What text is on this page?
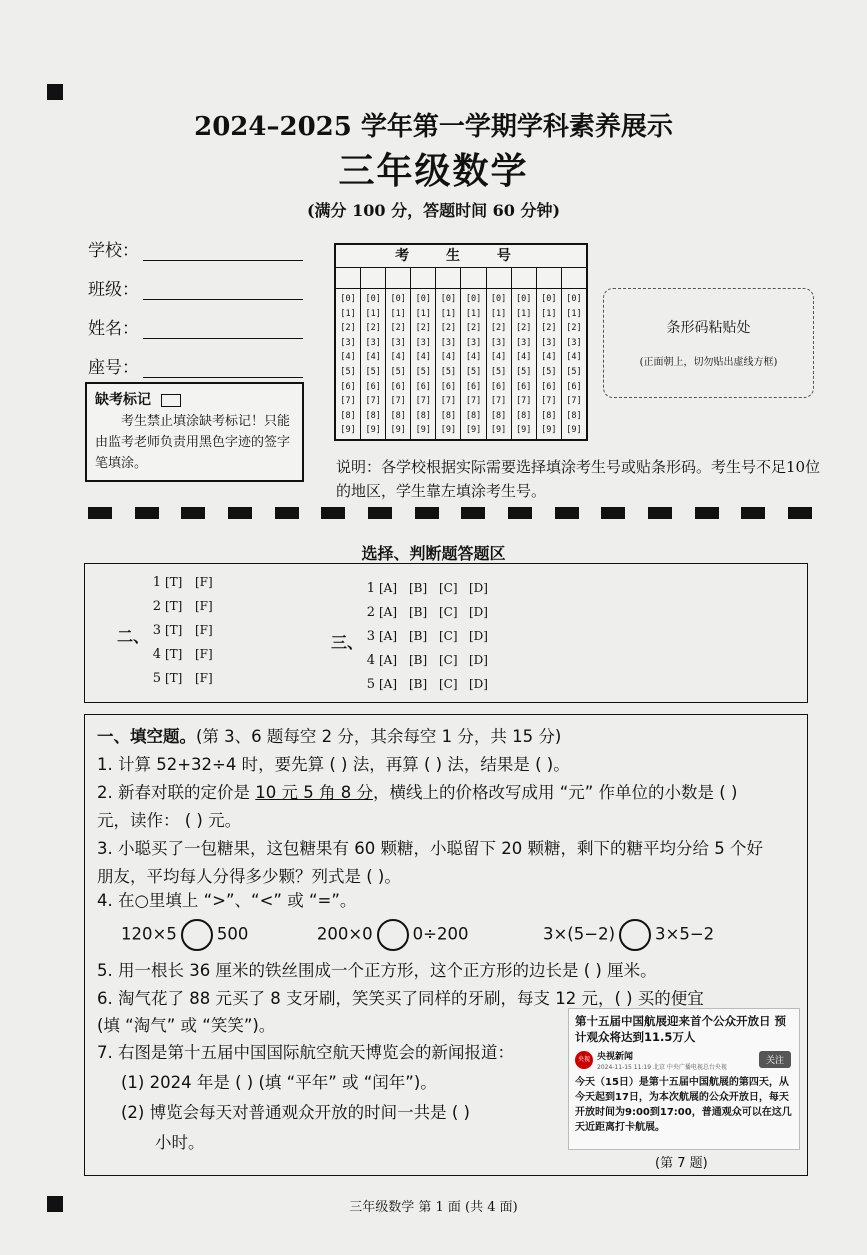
2024–2025 学年第一学期学科素养展示
三年级数学
(满分 100 分，答题时间 60 分钟)
学校：
班级：
姓名：
座号：
缺考标记
考生禁止填涂缺考标记！只能由监考老师负责用黑色字迹的签字笔填涂。
考 生 号
[0]
[1]
[2]
[3]
[4]
[5]
[6]
[7]
[8]
[9]
[0]
[1]
[2]
[3]
[4]
[5]
[6]
[7]
[8]
[9]
[0]
[1]
[2]
[3]
[4]
[5]
[6]
[7]
[8]
[9]
[0]
[1]
[2]
[3]
[4]
[5]
[6]
[7]
[8]
[9]
[0]
[1]
[2]
[3]
[4]
[5]
[6]
[7]
[8]
[9]
[0]
[1]
[2]
[3]
[4]
[5]
[6]
[7]
[8]
[9]
[0]
[1]
[2]
[3]
[4]
[5]
[6]
[7]
[8]
[9]
[0]
[1]
[2]
[3]
[4]
[5]
[6]
[7]
[8]
[9]
[0]
[1]
[2]
[3]
[4]
[5]
[6]
[7]
[8]
[9]
[0]
[1]
[2]
[3]
[4]
[5]
[6]
[7]
[8]
[9]
条形码粘贴处
(正面朝上，切勿贴出虚线方框)
说明：各学校根据实际需要选择填涂考生号或贴条形码。考生号不足10位的地区，学生靠左填涂考生号。
选择、判断题答题区
二、
1 [T] [F]
2 [T] [F]
3 [T] [F]
4 [T] [F]
5 [T] [F]
三、
1 [A] [B] [C] [D]
2 [A] [B] [C] [D]
3 [A] [B] [C] [D]
4 [A] [B] [C] [D]
5 [A] [B] [C] [D]
一、填空题。(第 3、6 题每空 2 分，其余每空 1 分，共 15 分)
1. 计算 52+32÷4 时，要先算 ( ) 法，再算 ( ) 法，结果是 ( )。
2. 新春对联的定价是 10 元 5 角 8 分，横线上的价格改写成用 “元” 作单位的小数是 ( )
元，读作： ( ) 元。
3. 小聪买了一包糖果，这包糖果有 60 颗糖，小聪留下 20 颗糖，剩下的糖平均分给 5 个好
朋友，平均每人分得多少颗？列式是 ( )。
4. 在○里填上 “>”、“<” 或 “=”。
120×5 500	200×0 0÷200	3×(5−2) 3×5−2
5. 用一根长 36 厘米的铁丝围成一个正方形，这个正方形的边长是 ( ) 厘米。
6. 淘气花了 88 元买了 8 支牙刷，笑笑买了同样的牙刷，每支 12 元，( ) 买的便宜
(填 “淘气” 或 “笑笑”)。
7. 右图是第十五届中国国际航空航天博览会的新闻报道：
(1) 2024 年是 ( ) (填 “平年” 或 “闰年”)。
(2) 博览会每天对普通观众开放的时间一共是 ( )
小时。
第十五届中国航展迎来首个公众开放日 预计观众将达到11.5万人
央视 央视新闻
2024-11-15 11:19 北京 中央广播电视总台央视
关注
今天（15日）是第十五届中国航展的第四天，从今天起到17日，为本次航展的公众开放日，每天开放时间为9:00到17:00，普通观众可以在这几天近距离打卡航展。
(第 7 题)
三年级数学 第 1 面 (共 4 面)
